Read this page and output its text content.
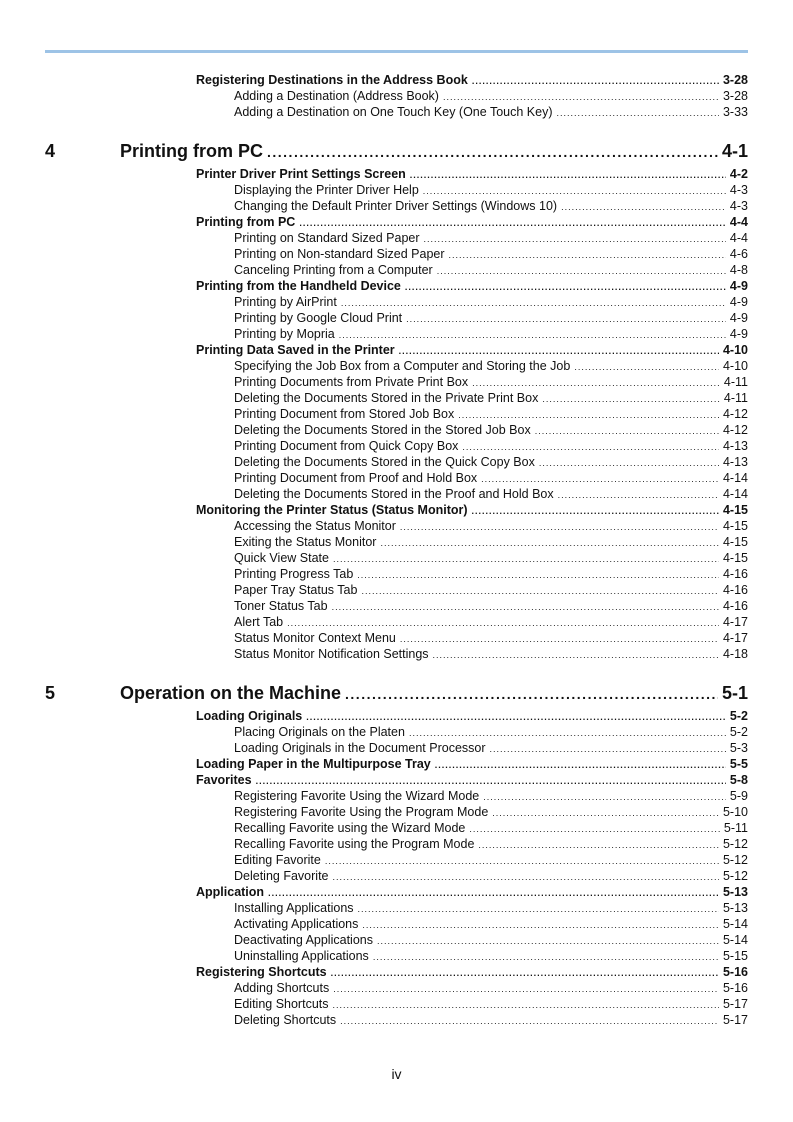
Registering Destinations in the Address Book .....	3-28
Adding a Destination (Address Book) .....	3-28
Adding a Destination on One Touch Key (One Touch Key) .....	3-33
4	Printing from PC .....	4-1
Printer Driver Print Settings Screen .....	4-2
Displaying the Printer Driver Help .....	4-3
Changing the Default Printer Driver Settings (Windows 10) .....	4-3
Printing from PC .....	4-4
Printing on Standard Sized Paper .....	4-4
Printing on Non-standard Sized Paper .....	4-6
Canceling Printing from a Computer .....	4-8
Printing from the Handheld Device .....	4-9
Printing by AirPrint .....	4-9
Printing by Google Cloud Print .....	4-9
Printing by Mopria .....	4-9
Printing Data Saved in the Printer .....	4-10
Specifying the Job Box from a Computer and Storing the Job .....	4-10
Printing Documents from Private Print Box .....	4-11
Deleting the Documents Stored in the Private Print Box .....	4-11
Printing Document from Stored Job Box .....	4-12
Deleting the Documents Stored in the Stored Job Box .....	4-12
Printing Document from Quick Copy Box .....	4-13
Deleting the Documents Stored in the Quick Copy Box .....	4-13
Printing Document from Proof and Hold Box .....	4-14
Deleting the Documents Stored in the Proof and Hold Box .....	4-14
Monitoring the Printer Status (Status Monitor) .....	4-15
Accessing the Status Monitor .....	4-15
Exiting the Status Monitor .....	4-15
Quick View State .....	4-15
Printing Progress Tab .....	4-16
Paper Tray Status Tab .....	4-16
Toner Status Tab .....	4-16
Alert Tab .....	4-17
Status Monitor Context Menu .....	4-17
Status Monitor Notification Settings .....	4-18
5	Operation on the Machine .....	5-1
Loading Originals .....	5-2
Placing Originals on the Platen .....	5-2
Loading Originals in the Document Processor .....	5-3
Loading Paper in the Multipurpose Tray .....	5-5
Favorites .....	5-8
Registering Favorite Using the Wizard Mode .....	5-9
Registering Favorite Using the Program Mode .....	5-10
Recalling Favorite using the Wizard Mode .....	5-11
Recalling Favorite using the Program Mode .....	5-12
Editing Favorite .....	5-12
Deleting Favorite .....	5-12
Application .....	5-13
Installing Applications .....	5-13
Activating Applications .....	5-14
Deactivating Applications .....	5-14
Uninstalling Applications .....	5-15
Registering Shortcuts .....	5-16
Adding Shortcuts .....	5-16
Editing Shortcuts .....	5-17
Deleting Shortcuts .....	5-17
iv
